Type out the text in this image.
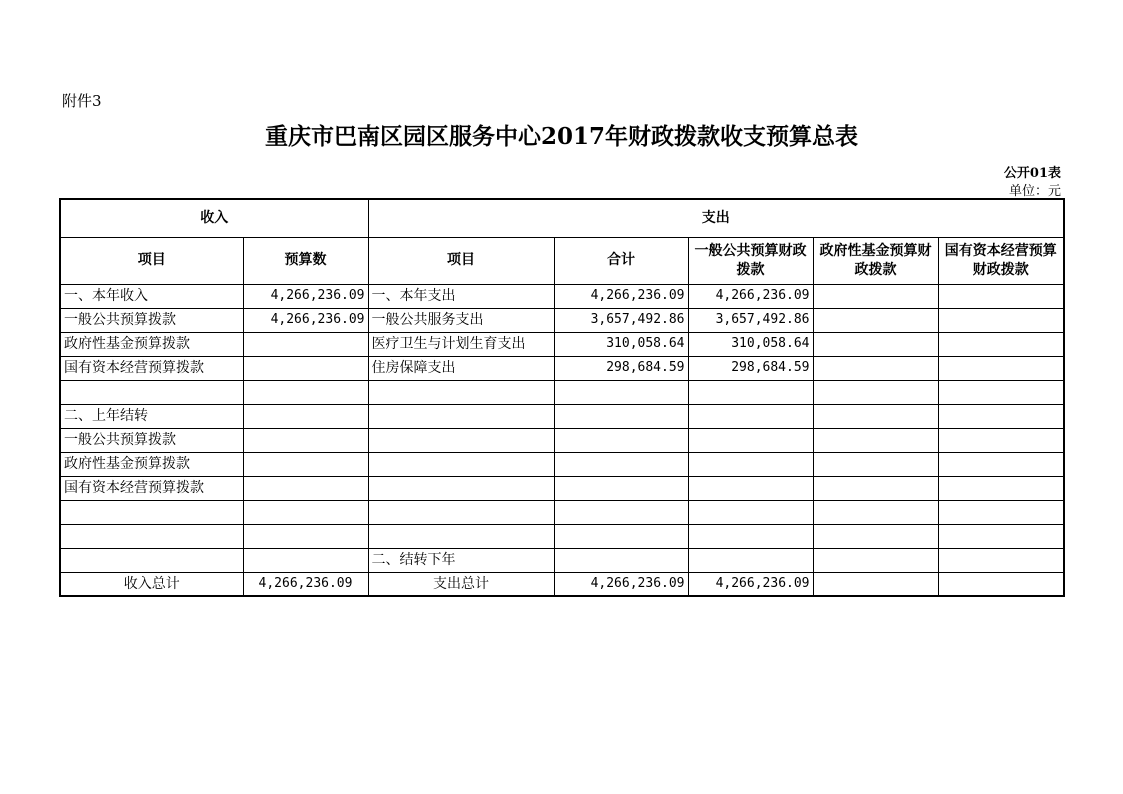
附件3
重庆市巴南区园区服务中心2017年财政拨款收支预算总表
公开01表
单位：元
收入		支出				
项目	预算数	项目	合计	一般公共预算财政拨款	政府性基金预算财政拨款	国有资本经营预算财政拨款
一、本年收入	4,266,236.09	一、本年支出	4,266,236.09	4,266,236.09		
一般公共预算拨款	4,266,236.09	一般公共服务支出	3,657,492.86	3,657,492.86		
政府性基金预算拨款		医疗卫生与计划生育支出	310,058.64	310,058.64		
国有资本经营预算拨款		住房保障支出	298,684.59	298,684.59		

二、上年结转						
一般公共预算拨款						
政府性基金预算拨款						
国有资本经营预算拨款						

		二、结转下年				
收入总计	4,266,236.09	支出总计	4,266,236.09	4,266,236.09		
